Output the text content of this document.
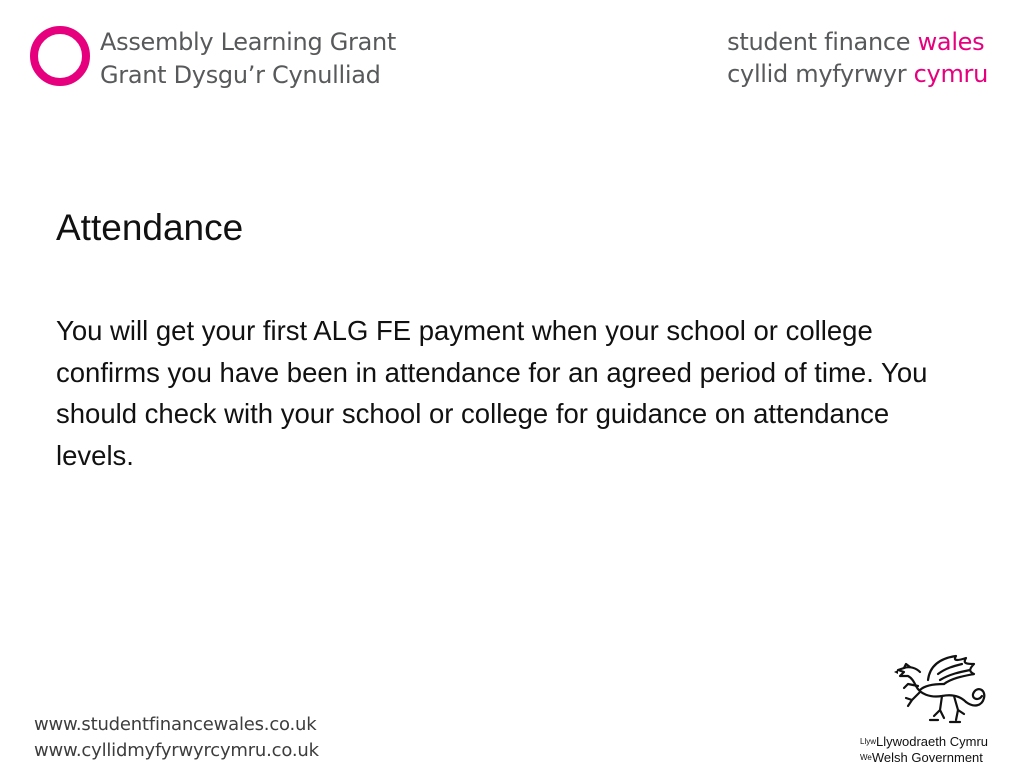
Assembly Learning Grant
Grant Dysgu’r Cynulliad
student finance wales
cyllid myfyrwyr cymru
Attendance

You will get your first ALG FE payment when your school or college confirms you have been in attendance for an agreed period of time. You should check with your school or college for guidance on attendance levels.

www.studentfinancewales.co.uk
www.cyllidmyfyrwyrcymru.co.uk	LlywLlywodraeth Cymru
WeWelsh Government
